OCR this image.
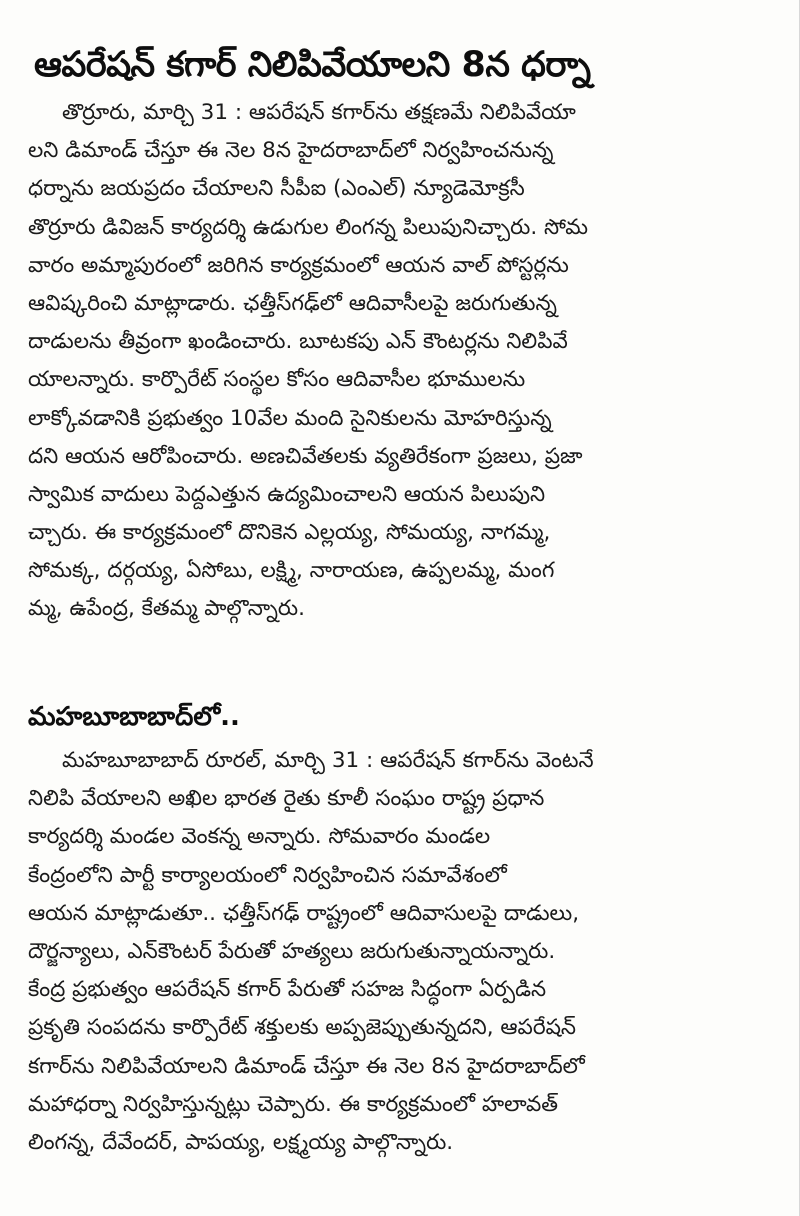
ఆపరేషన్ కగార్ నిలిపివేయాలని 8న ధర్నా
తొర్రూరు, మార్చి 31 : ఆపరేషన్ కగార్‌ను తక్షణమే నిలిపివేయా
లని డిమాండ్ చేస్తూ ఈ నెల 8న హైదరాబాద్‌లో నిర్వహించనున్న
ధర్నాను జయప్రదం చేయాలని సీపీఐ (ఎంఎల్) న్యూడెమోక్రసీ
తొర్రూరు డివిజన్ కార్యదర్శి ఉడుగుల లింగన్న పిలుపునిచ్చారు. సోమ
వారం అమ్మాపురంలో జరిగిన కార్యక్రమంలో ఆయన వాల్ పోస్టర్లను
ఆవిష్కరించి మాట్లాడారు. ఛత్తీస్‌గఢ్‌లో ఆదివాసీలపై జరుగుతున్న
దాడులను తీవ్రంగా ఖండించారు. బూటకపు ఎన్ కౌంటర్లను నిలిపివే
యాలన్నారు. కార్పొరేట్ సంస్థల కోసం ఆదివాసీల భూములను
లాక్కోవడానికి ప్రభుత్వం 10వేల మంది సైనికులను మోహరిస్తున్న
దని ఆయన ఆరోపించారు. అణచివేతలకు వ్యతిరేకంగా ప్రజలు, ప్రజా
స్వామిక వాదులు పెద్దఎత్తున ఉద్యమించాలని ఆయన పిలుపుని
చ్చారు. ఈ కార్యక్రమంలో దొనికెన ఎల్లయ్య, సోమయ్య, నాగమ్మ,
సోమక్క, దర్గయ్య, ఏసోబు, లక్ష్మి, నారాయణ, ఉప్పలమ్మ, మంగ
మ్మ, ఉపేంద్ర, కేతమ్మ పాల్గొన్నారు.
మహబూబాబాద్‌లో..
మహబూబాబాద్ రూరల్, మార్చి 31 : ఆపరేషన్ కగార్‌ను వెంటనే
నిలిపి వేయాలని అఖిల భారత రైతు కూలీ సంఘం రాష్ట్ర ప్రధాన
కార్యదర్శి మండల వెంకన్న అన్నారు. సోమవారం మండల
కేంద్రంలోని పార్టీ కార్యాలయంలో నిర్వహించిన సమావేశంలో
ఆయన మాట్లాడుతూ.. ఛత్తీస్‌గఢ్ రాష్ట్రంలో ఆదివాసులపై దాడులు,
దౌర్జన్యాలు, ఎన్‌కౌంటర్ పేరుతో హత్యలు జరుగుతున్నాయన్నారు.
కేంద్ర ప్రభుత్వం ఆపరేషన్ కగార్ పేరుతో సహజ సిద్ధంగా ఏర్పడిన
ప్రకృతి సంపదను కార్పొరేట్ శక్తులకు అప్పజెప్పుతున్నదని, ఆపరేషన్
కగార్‌ను నిలిపివేయాలని డిమాండ్ చేస్తూ ఈ నెల 8న హైదరాబాద్‌లో
మహాధర్నా నిర్వహిస్తున్నట్లు చెప్పారు. ఈ కార్యక్రమంలో హలావత్
లింగన్న, దేవేందర్, పాపయ్య, లక్ష్మయ్య పాల్గొన్నారు.
